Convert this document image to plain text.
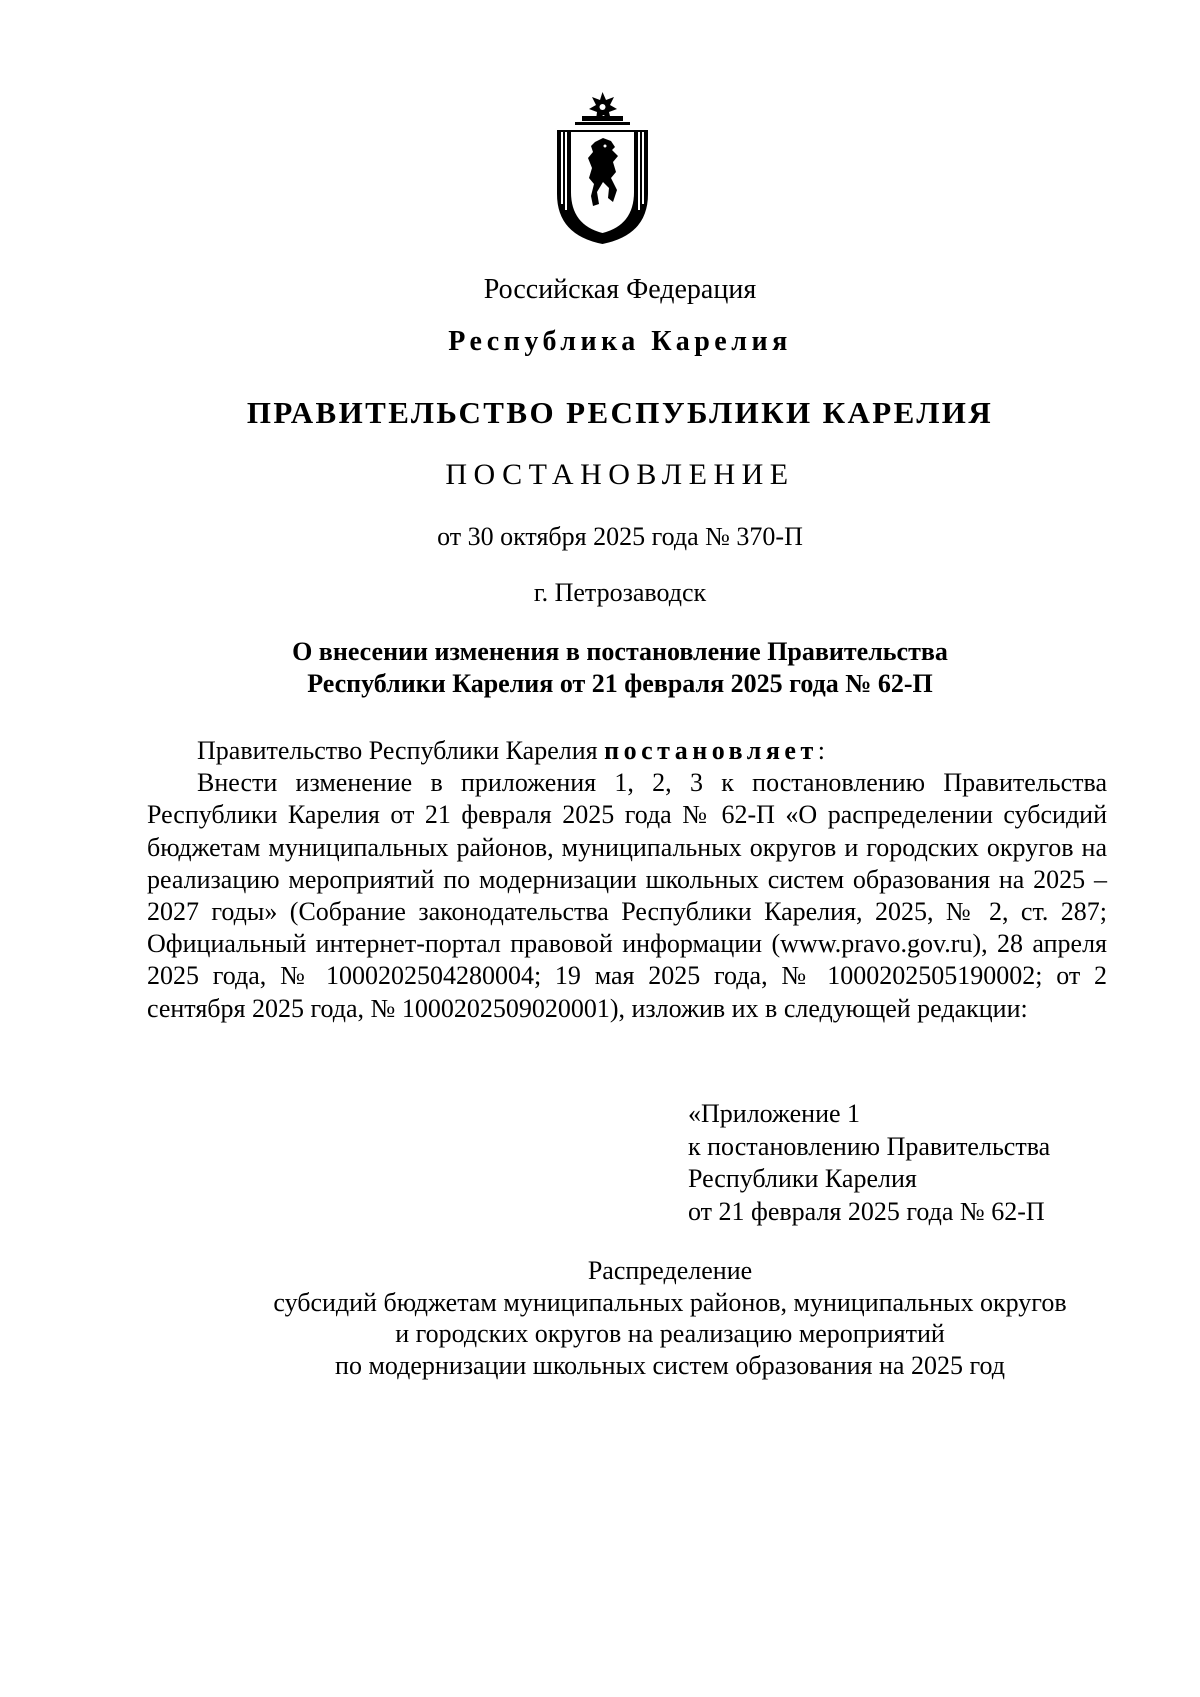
Российская Федерация
Республика Карелия
ПРАВИТЕЛЬСТВО РЕСПУБЛИКИ КАРЕЛИЯ
ПОСТАНОВЛЕНИЕ
от 30 октября 2025 года № 370-П
г. Петрозаводск
О внесении изменения в постановление Правительства
Республики Карелия от 21 февраля 2025 года № 62-П

Правительство Республики Карелия постановляет:

Внести изменение в приложения 1, 2, 3 к постановлению Правительства Республики Карелия от 21 февраля 2025 года № 62-П «О распределении субсидий бюджетам муниципальных районов, муниципальных округов и городских округов на реализацию мероприятий по модернизации школьных систем образования на 2025 – 2027 годы» (Собрание законодательства Республики Карелия, 2025, № 2, ст. 287; Официальный интернет-портал правовой информации (www.pravo.gov.ru), 28 апреля 2025 года, № 1000202504280004; 19 мая 2025 года, № 1000202505190002; от 2 сентября 2025 года, № 1000202509020001), изложив их в следующей редакции:

«Приложение 1
к постановлению Правительства
Республики Карелия
от 21 февраля 2025 года № 62-П
Распределение
субсидий бюджетам муниципальных районов, муниципальных округов
и городских округов на реализацию мероприятий
по модернизации школьных систем образования на 2025 год
